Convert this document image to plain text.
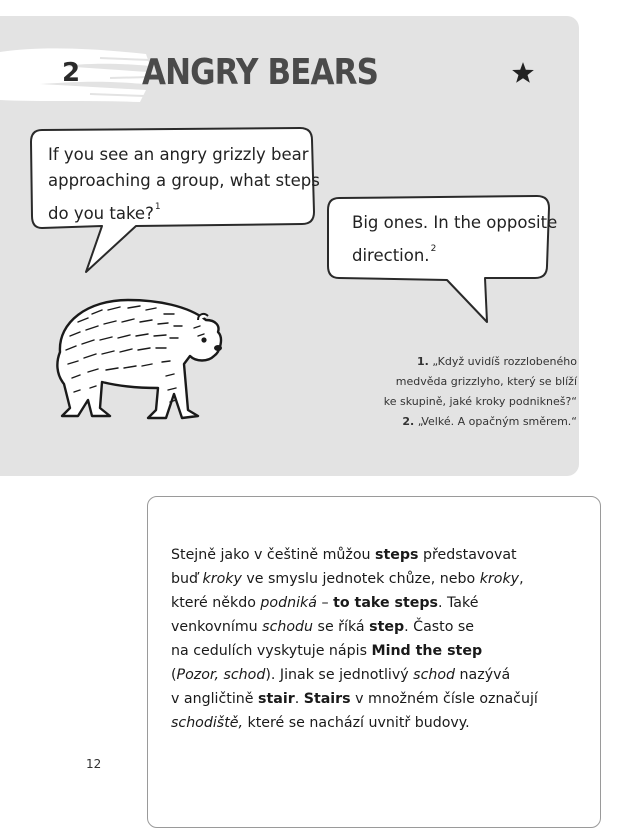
2 ANGRY BEARS
If you see an angry grizzly bear
approaching a group, what steps
do you take?$^1$
Big ones. In the opposite
direction.$^2$
1. „Když uvidíš rozzlobeného
medvěda grizzlyho, který se blíží
ke skupině, jaké kroky podnikneš?“
2. „Velké. A opačným směrem.“

Stejně jako v češtině můžou steps představovat

buď kroky ve smyslu jednotek chůze, nebo kroky,

které někdo podniká – to take steps. Také

venkovnímu schodu se říká step. Často se

na cedulích vyskytuje nápis Mind the step

(Pozor, schod). Jinak se jednotlivý schod nazývá

v angličtině stair. Stairs v množném čísle označují

schodiště, které se nachází uvnitř budovy.

12
